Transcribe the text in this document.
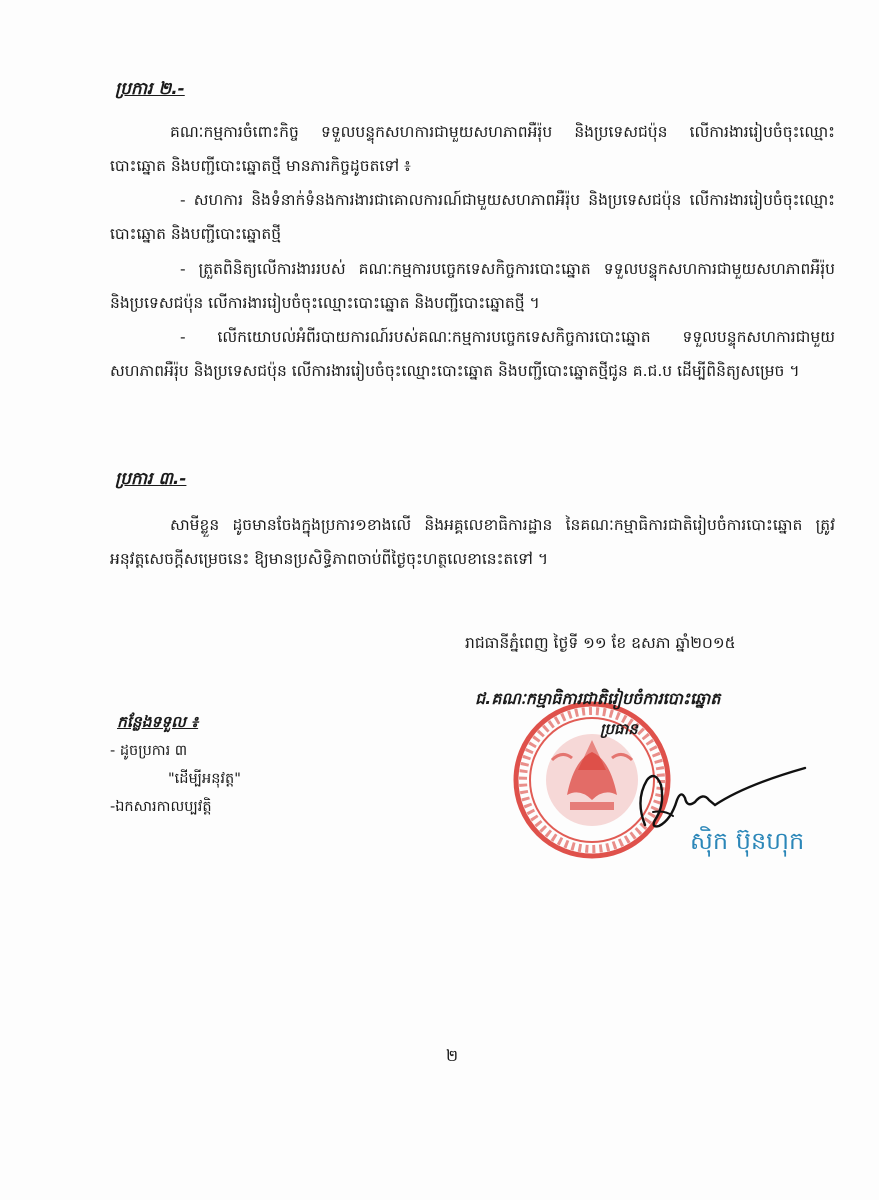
ប្រការ ២.-

គណៈកម្មការចំពោះកិច្ច ទទួលបន្ទុកសហការជាមួយសហភាពអឺរ៉ុប និងប្រទេសជប៉ុន លើការងាររៀបចំចុះឈ្មោះបោះឆ្នោត និងបញ្ជីបោះឆ្នោតថ្មី មានភារកិច្ចដូចតទៅ ៖

- សហការ និងទំនាក់ទំនងការងារជាគោលការណ៍ជាមួយសហភាពអឺរ៉ុប និងប្រទេសជប៉ុន លើការងាររៀបចំចុះឈ្មោះបោះឆ្នោត និងបញ្ជីបោះឆ្នោតថ្មី

- ត្រួតពិនិត្យលើការងាររបស់ គណៈកម្មការបច្ចេកទេសកិច្ចការបោះឆ្នោត ទទួលបន្ទុកសហការជាមួយសហភាពអឺរ៉ុប និងប្រទេសជប៉ុន លើការងាររៀបចំចុះឈ្មោះបោះឆ្នោត និងបញ្ជីបោះឆ្នោតថ្មី ។

- លើកយោបល់អំពីរបាយការណ៍របស់គណៈកម្មការបច្ចេកទេសកិច្ចការបោះឆ្នោត ទទួលបន្ទុកសហការជាមួយសហភាពអឺរ៉ុប និងប្រទេសជប៉ុន លើការងាររៀបចំចុះឈ្មោះបោះឆ្នោត និងបញ្ជីបោះឆ្នោតថ្មីជូន គ.ជ.ប ដើម្បីពិនិត្យសម្រេច ។

ប្រការ ៣.-

សាមីខ្លួន ដូចមានចែងក្នុងប្រការ១ខាងលើ និងអគ្គលេខាធិការដ្ឋាន នៃគណៈកម្មាធិការជាតិរៀបចំការបោះឆ្នោត ត្រូវអនុវត្តសេចក្ដីសម្រេចនេះ ឱ្យមានប្រសិទ្ធិភាពចាប់ពីថ្ងៃចុះហត្ថលេខានេះតទៅ ។

រាជធានីភ្នំពេញ ថ្ងៃទី ១១ ខែ ឧសភា ឆ្នាំ២០១៥

ជ.គណៈកម្មាធិការជាតិរៀបចំការបោះឆ្នោត

ប្រធាន

ស៊ិក ប៊ុនហុក

កន្លែងទទួល ៖

- ដូចប្រការ ៣

"ដើម្បីអនុវត្ត"

-ឯកសារកាលប្បវត្តិ

២
